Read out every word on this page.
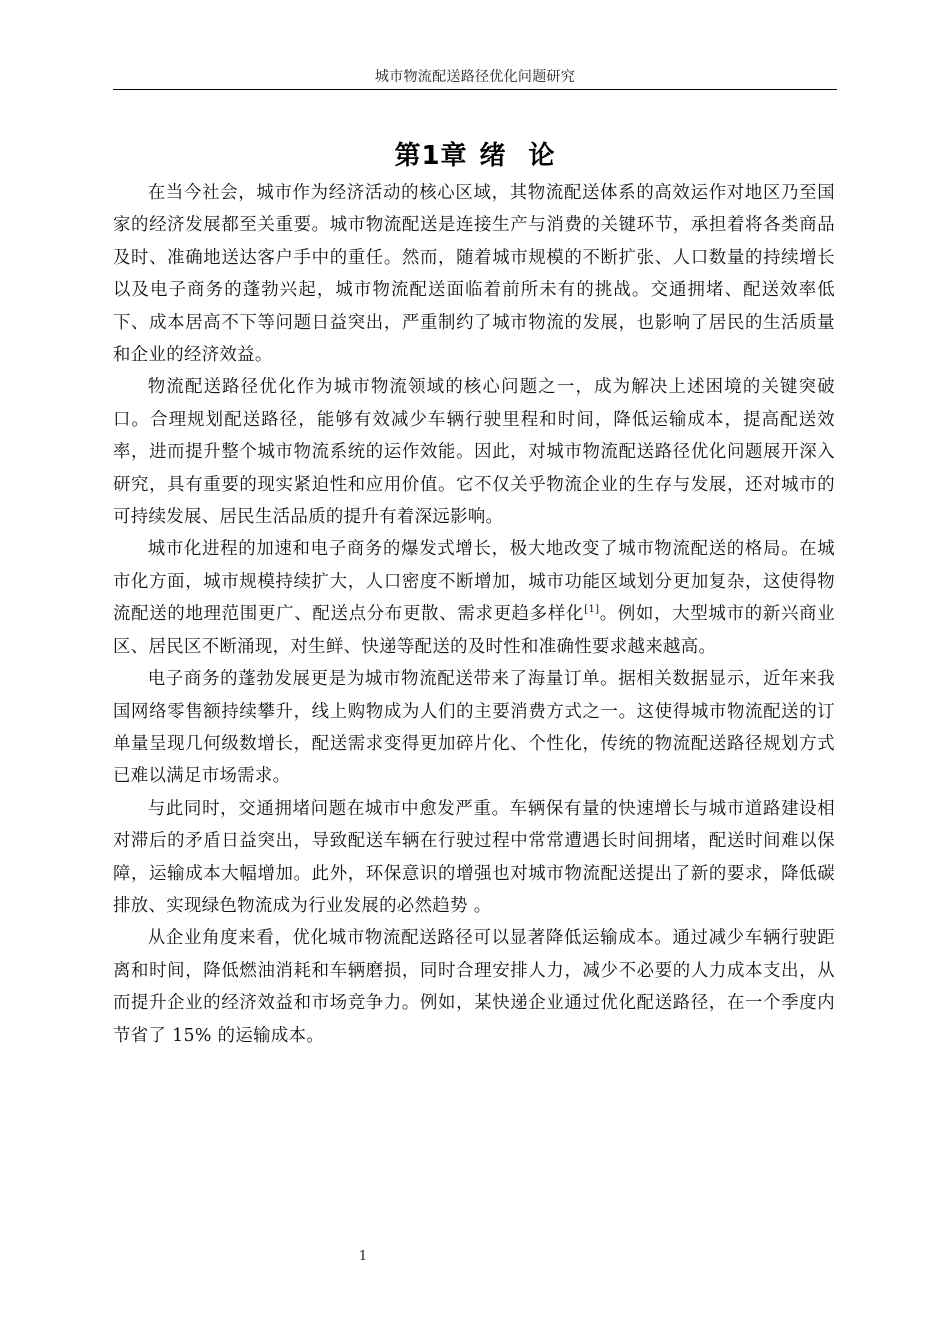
城市物流配送路径优化问题研究
第1章 绪 论

在当今社会，城市作为经济活动的核心区域，其物流配送体系的高效运作对地区乃至国家的经济发展都至关重要。城市物流配送是连接生产与消费的关键环节，承担着将各类商品及时、准确地送达客户手中的重任。然而，随着城市规模的不断扩张、人口数量的持续增长以及电子商务的蓬勃兴起，城市物流配送面临着前所未有的挑战。交通拥堵、配送效率低下、成本居高不下等问题日益突出，严重制约了城市物流的发展，也影响了居民的生活质量和企业的经济效益。

物流配送路径优化作为城市物流领域的核心问题之一，成为解决上述困境的关键突破口。合理规划配送路径，能够有效减少车辆行驶里程和时间，降低运输成本，提高配送效率，进而提升整个城市物流系统的运作效能。因此，对城市物流配送路径优化问题展开深入研究，具有重要的现实紧迫性和应用价值。它不仅关乎物流企业的生存与发展，还对城市的可持续发展、居民生活品质的提升有着深远影响。

城市化进程的加速和电子商务的爆发式增长，极大地改变了城市物流配送的格局。在城市化方面，城市规模持续扩大，人口密度不断增加，城市功能区域划分更加复杂，这使得物流配送的地理范围更广、配送点分布更散、需求更趋多样化[1]。例如，大型城市的新兴商业区、居民区不断涌现，对生鲜、快递等配送的及时性和准确性要求越来越高。

电子商务的蓬勃发展更是为城市物流配送带来了海量订单。据相关数据显示，近年来我国网络零售额持续攀升，线上购物成为人们的主要消费方式之一。这使得城市物流配送的订单量呈现几何级数增长，配送需求变得更加碎片化、个性化，传统的物流配送路径规划方式已难以满足市场需求。

与此同时，交通拥堵问题在城市中愈发严重。车辆保有量的快速增长与城市道路建设相对滞后的矛盾日益突出，导致配送车辆在行驶过程中常常遭遇长时间拥堵，配送时间难以保障，运输成本大幅增加。此外，环保意识的增强也对城市物流配送提出了新的要求，降低碳排放、实现绿色物流成为行业发展的必然趋势 。

从企业角度来看，优化城市物流配送路径可以显著降低运输成本。通过减少车辆行驶距离和时间，降低燃油消耗和车辆磨损，同时合理安排人力，减少不必要的人力成本支出，从而提升企业的经济效益和市场竞争力。例如，某快递企业通过优化配送路径，在一个季度内节省了 15% 的运输成本。

1
